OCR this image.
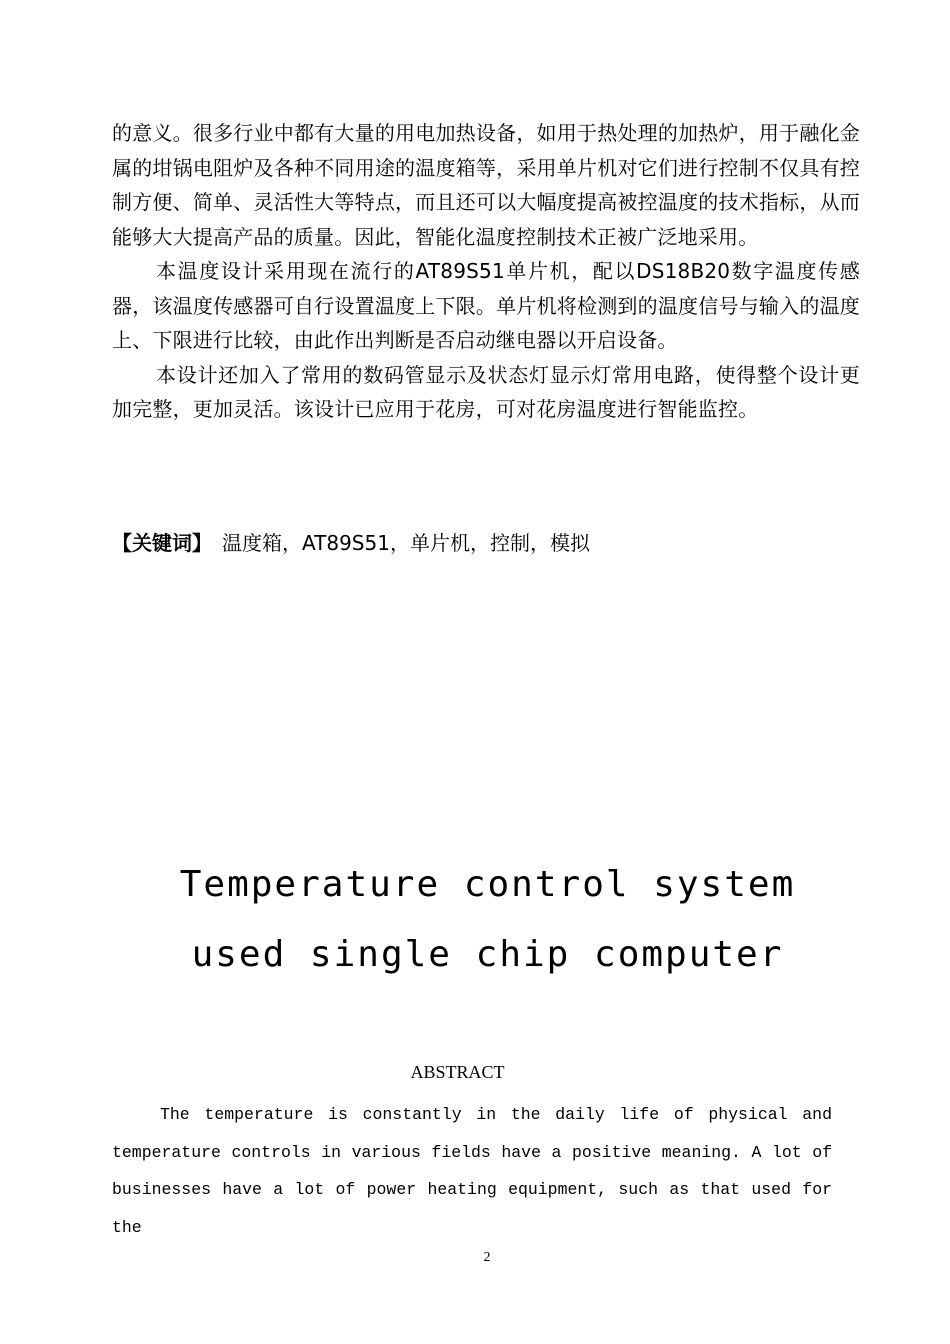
的意义。很多行业中都有大量的用电加热设备，如用于热处理的加热炉，用于融化金属的坩锅电阻炉及各种不同用途的温度箱等，采用单片机对它们进行控制不仅具有控制方便、简单、灵活性大等特点，而且还可以大幅度提高被控温度的技术指标，从而能够大大提高产品的质量。因此，智能化温度控制技术正被广泛地采用。

本温度设计采用现在流行的AT89S51单片机，配以DS18B20数字温度传感器，该温度传感器可自行设置温度上下限。单片机将检测到的温度信号与输入的温度上、下限进行比较，由此作出判断是否启动继电器以开启设备。

本设计还加入了常用的数码管显示及状态灯显示灯常用电路，使得整个设计更加完整，更加灵活。该设计已应用于花房，可对花房温度进行智能监控。

【关键词】 温度箱，AT89S51，单片机，控制，模拟
Temperature control system
used single chip computer
ABSTRACT

The temperature is constantly in the daily life of physical and temperature controls in various fields have a positive meaning. A lot of businesses have a lot of power heating equipment, such as that used for the

2
